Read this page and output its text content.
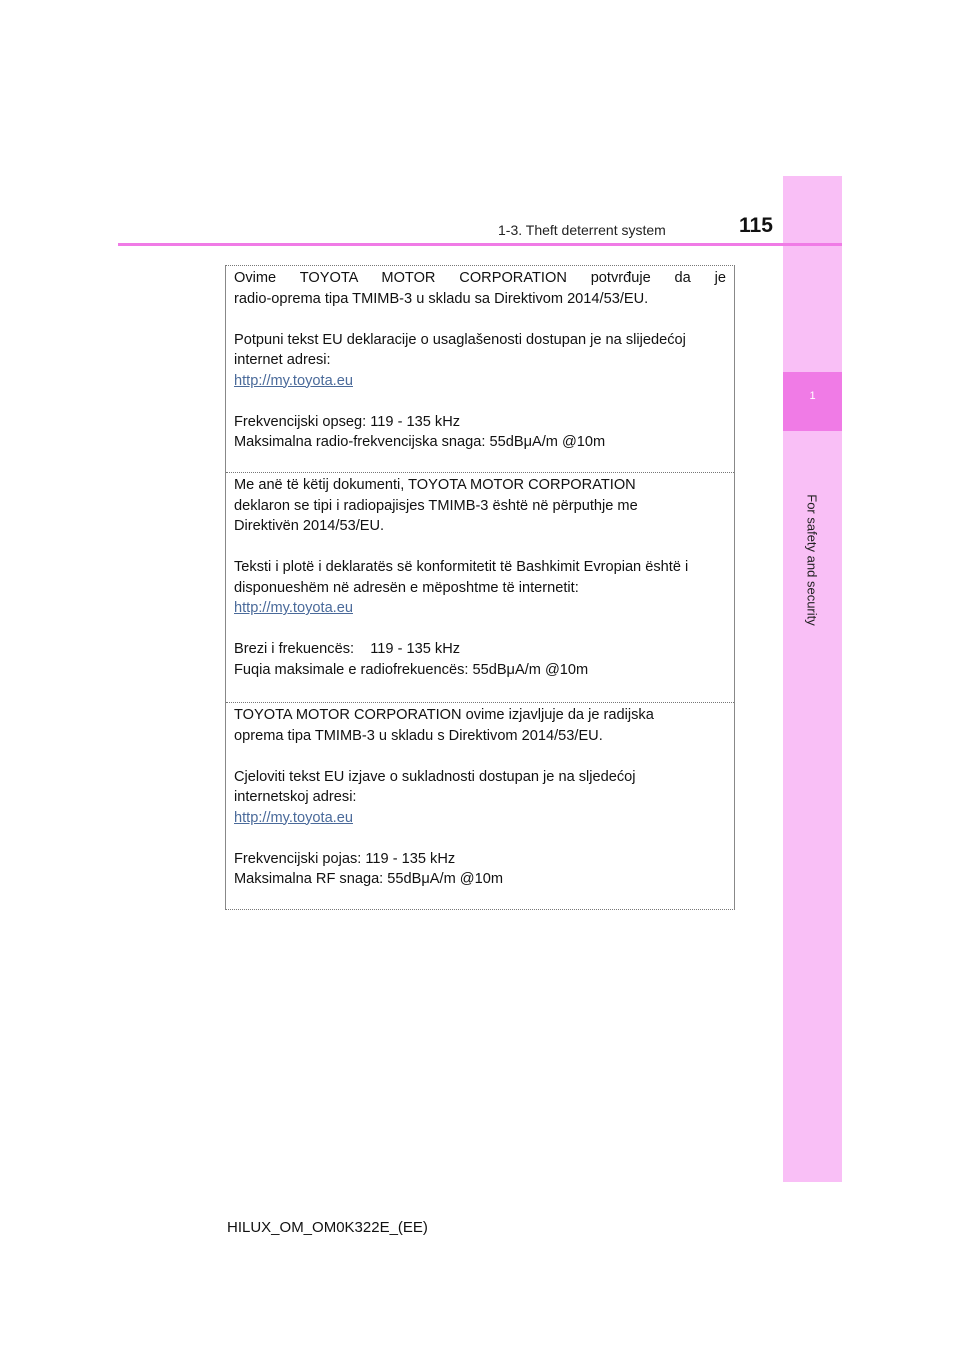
1
For safety and security
1-3. Theft deterrent system	115

Ovime TOYOTA MOTOR CORPORATION potvrđuje da je

radio-oprema tipa TMIMB-3 u skladu sa Direktivom 2014/53/EU.

Potpuni tekst EU deklaracije o usaglašenosti dostupan je na slijedećoj

internet adresi:

http://my.toyota.eu

Frekvencijski opseg: 119 - 135 kHz

Maksimalna radio-frekvencijska snaga: 55dBμA/m @10m

Me anë të këtij dokumenti, TOYOTA MOTOR CORPORATION

deklaron se tipi i radiopajisjes TMIMB-3 është në përputhje me

Direktivën 2014/53/EU.

Teksti i plotë i deklaratës së konformitetit të Bashkimit Evropian është i

disponueshëm në adresën e mëposhtme të internetit:

http://my.toyota.eu

Brezi i frekuencës:    119 - 135 kHz

Fuqia maksimale e radiofrekuencës: 55dBμA/m @10m

TOYOTA MOTOR CORPORATION ovime izjavljuje da je radijska

oprema tipa TMIMB-3 u skladu s Direktivom 2014/53/EU.

Cjeloviti tekst EU izjave o sukladnosti dostupan je na sljedećoj

internetskoj adresi:

http://my.toyota.eu

Frekvencijski pojas: 119 - 135 kHz

Maksimalna RF snaga: 55dBμA/m @10m

HILUX_OM_OM0K322E_(EE)
